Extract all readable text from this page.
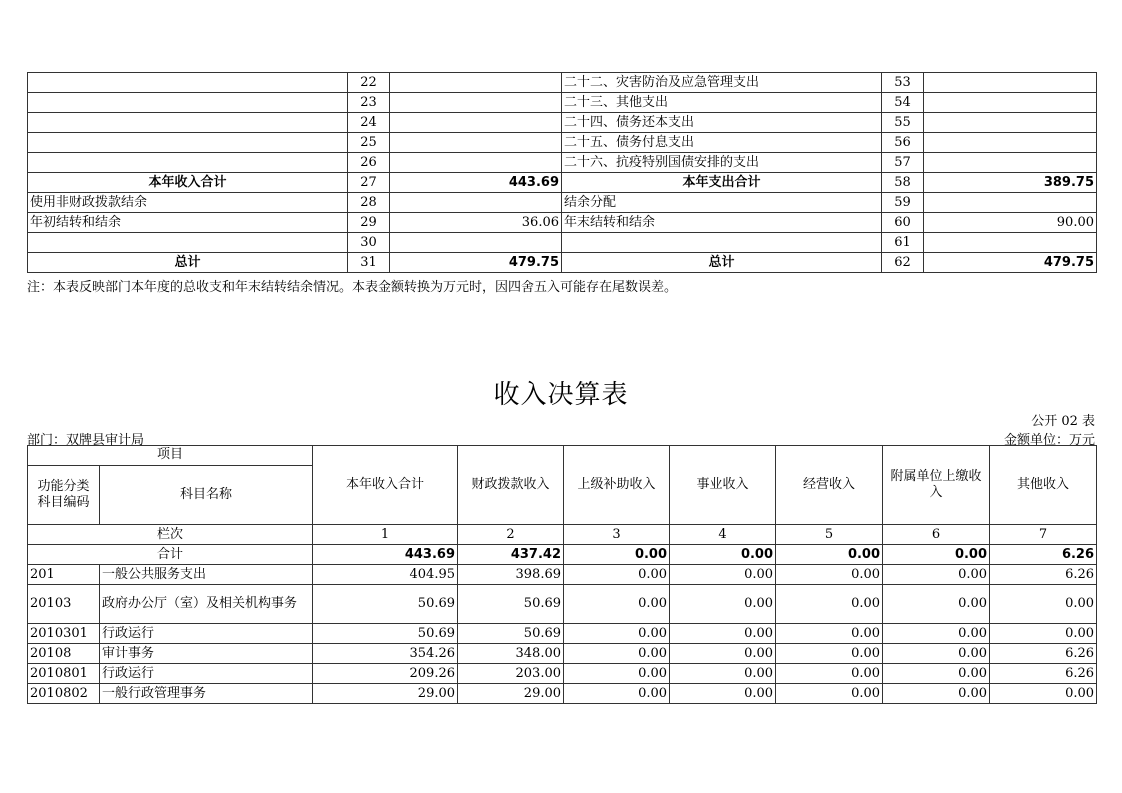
	22		二十二、灾害防治及应急管理支出	53	
	23		二十三、其他支出	54	
	24		二十四、债务还本支出	55	
	25		二十五、债务付息支出	56	
	26		二十六、抗疫特别国债安排的支出	57	
本年收入合计	27	443.69	本年支出合计	58	389.75
使用非财政拨款结余	28		结余分配	59	
年初结转和结余	29	36.06	年末结转和结余	60	90.00
	30			61	
总计	31	479.75	总计	62	479.75
注：本表反映部门本年度的总收支和年末结转结余情况。本表金额转换为万元时，因四舍五入可能存在尾数误差。
收入决算表
公开 02 表
部门：双牌县审计局	金额单位：万元
项目		本年收入合计	财政拨款收入	上级补助收入	事业收入	经营收入	附属单位上缴收入	其他收入
功能分类科目编码	科目名称							
栏次		1	2	3	4	5	6	7
合计		443.69	437.42	0.00	0.00	0.00	0.00	6.26
201	一般公共服务支出	404.95	398.69	0.00	0.00	0.00	0.00	6.26
20103	政府办公厅（室）及相关机构事务	50.69	50.69	0.00	0.00	0.00	0.00	0.00
2010301	行政运行	50.69	50.69	0.00	0.00	0.00	0.00	0.00
20108	审计事务	354.26	348.00	0.00	0.00	0.00	0.00	6.26
2010801	行政运行	209.26	203.00	0.00	0.00	0.00	0.00	6.26
2010802	一般行政管理事务	29.00	29.00	0.00	0.00	0.00	0.00	0.00
